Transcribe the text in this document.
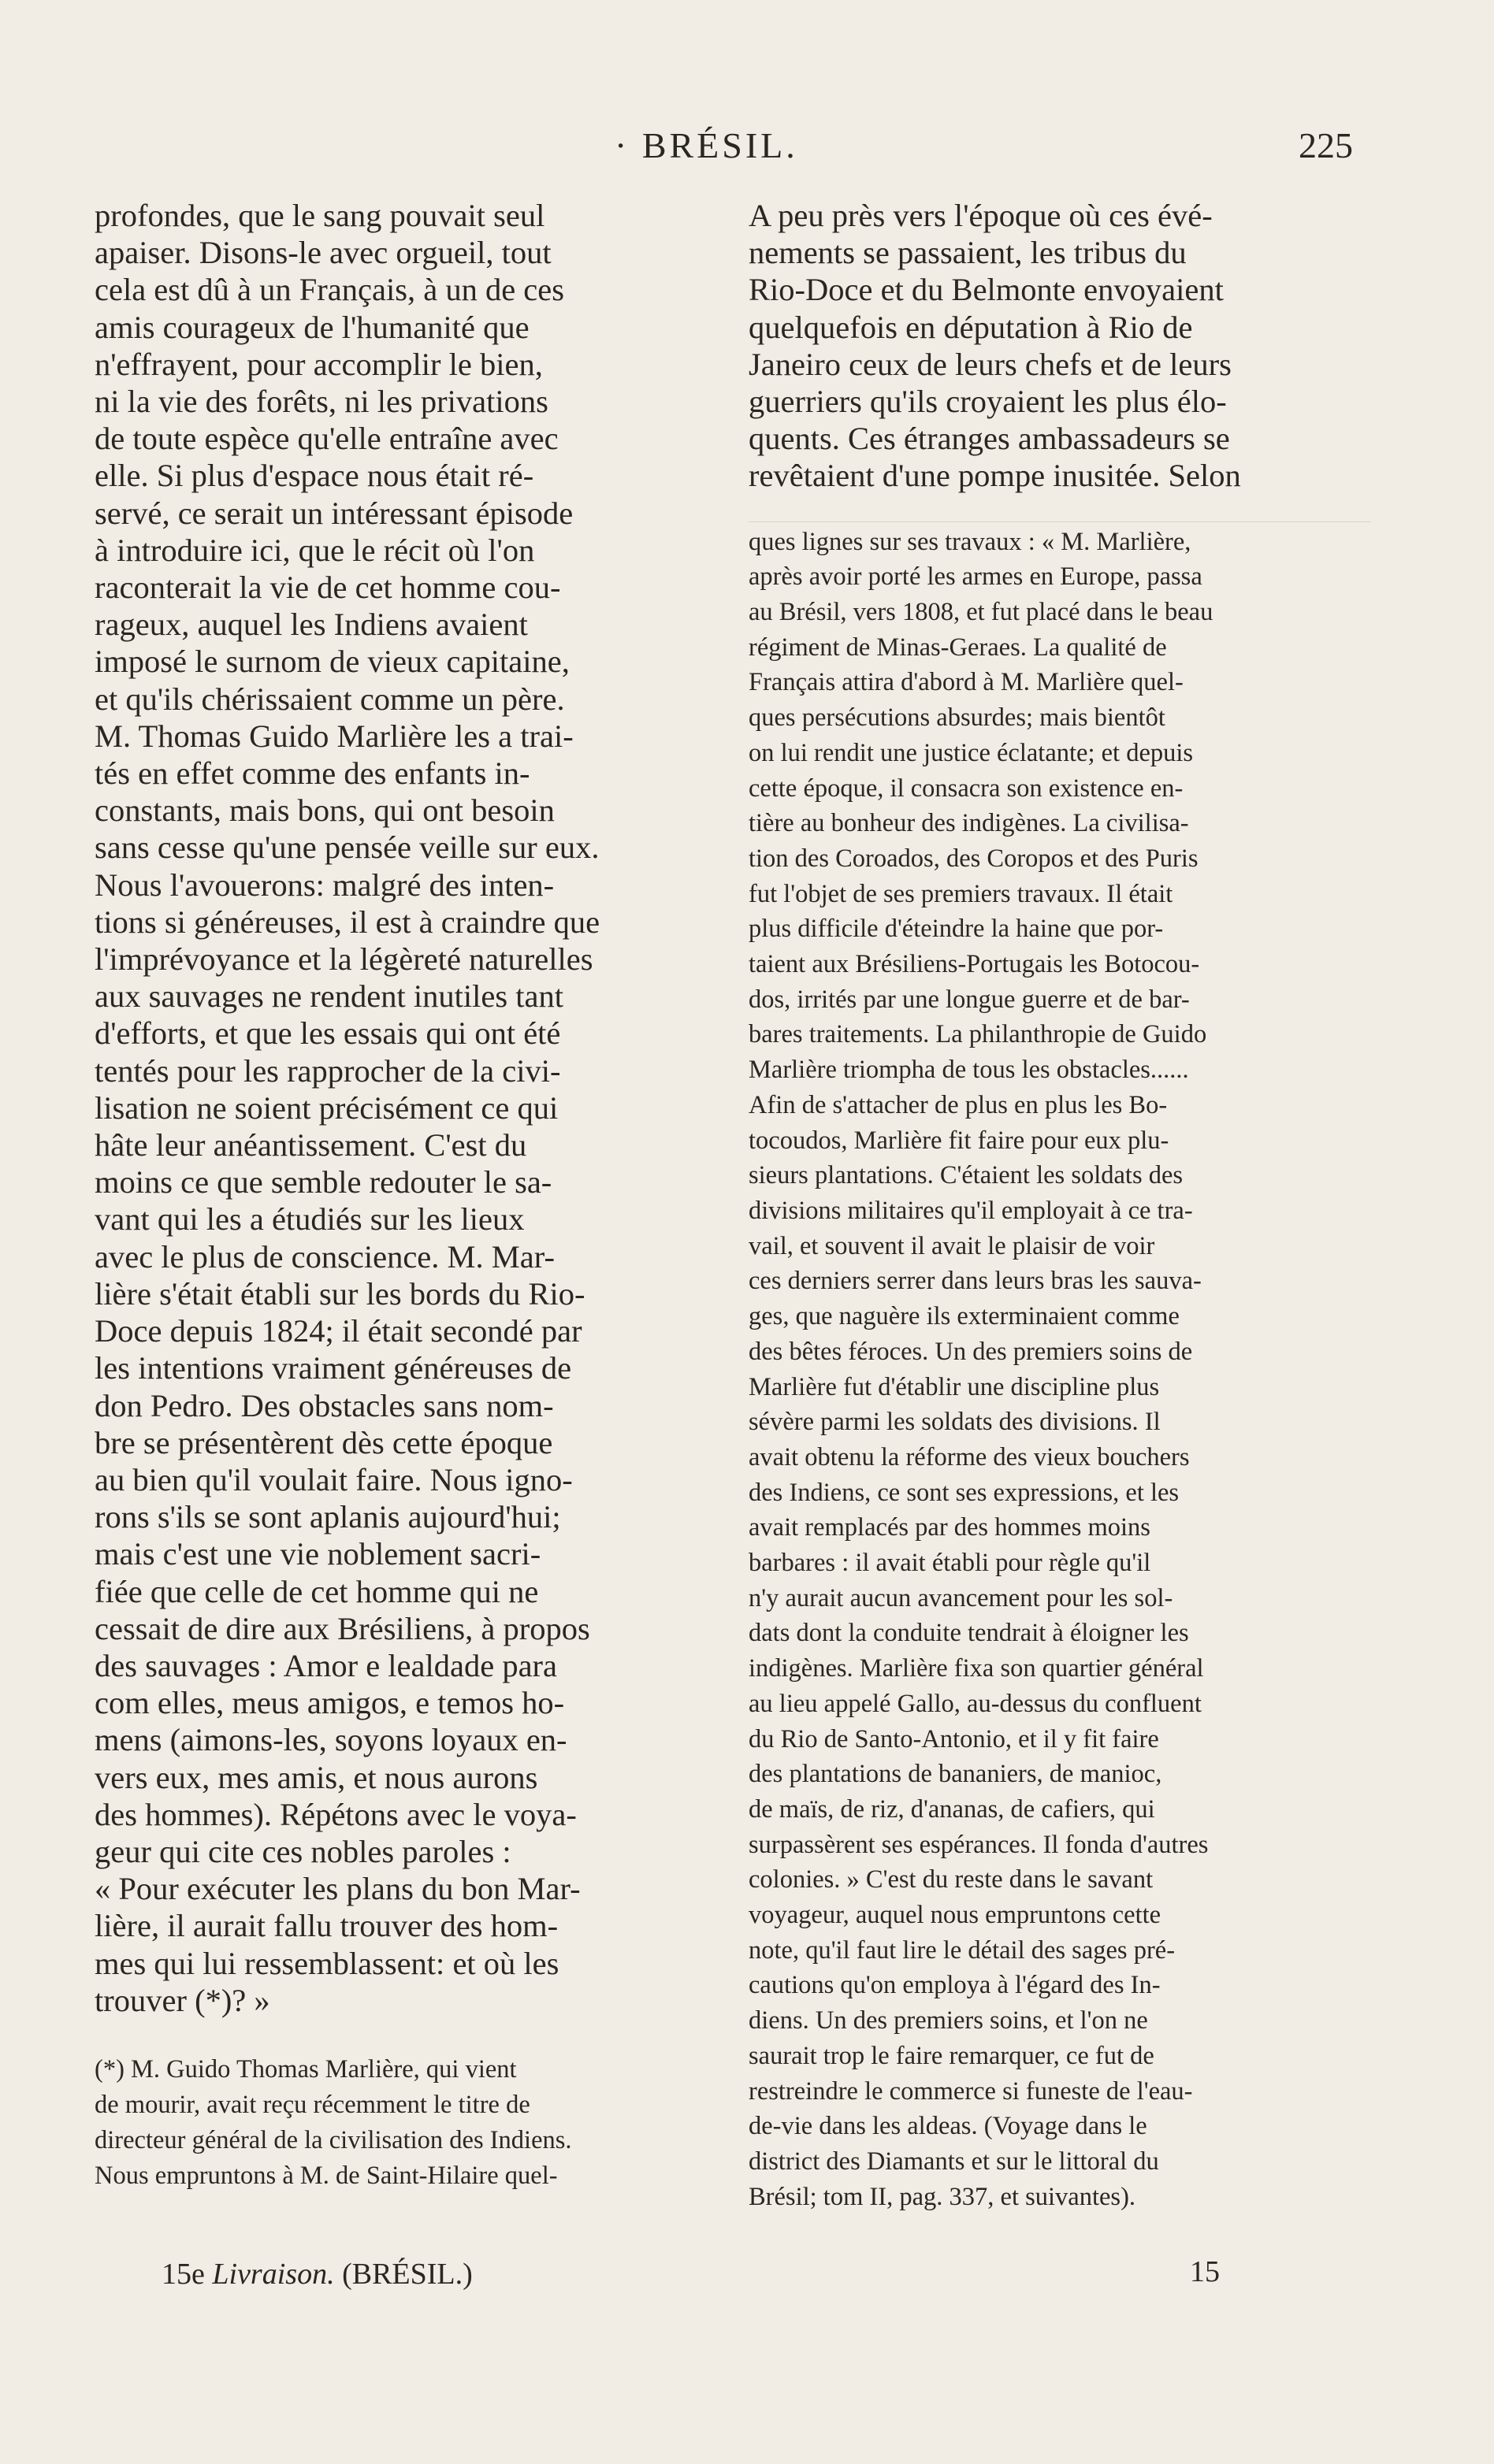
· BRÉSIL.	225

profondes, que le sang pouvait seul
apaiser. Disons-le avec orgueil, tout
cela est dû à un Français, à un de ces
amis courageux de l'humanité que
n'effrayent, pour accomplir le bien,
ni la vie des forêts, ni les privations
de toute espèce qu'elle entraîne avec
elle. Si plus d'espace nous était ré-
servé, ce serait un intéressant épisode
à introduire ici, que le récit où l'on
raconterait la vie de cet homme cou-
rageux, auquel les Indiens avaient
imposé le surnom de vieux capitaine,
et qu'ils chérissaient comme un père.
M. Thomas Guido Marlière les a trai-
tés en effet comme des enfants in-
constants, mais bons, qui ont besoin
sans cesse qu'une pensée veille sur eux.
Nous l'avouerons: malgré des inten-
tions si généreuses, il est à craindre que
l'imprévoyance et la légèreté naturelles
aux sauvages ne rendent inutiles tant
d'efforts, et que les essais qui ont été
tentés pour les rapprocher de la civi-
lisation ne soient précisément ce qui
hâte leur anéantissement. C'est du
moins ce que semble redouter le sa-
vant qui les a étudiés sur les lieux
avec le plus de conscience. M. Mar-
lière s'était établi sur les bords du Rio-
Doce depuis 1824; il était secondé par
les intentions vraiment généreuses de
don Pedro. Des obstacles sans nom-
bre se présentèrent dès cette époque
au bien qu'il voulait faire. Nous igno-
rons s'ils se sont aplanis aujourd'hui;
mais c'est une vie noblement sacri-
fiée que celle de cet homme qui ne
cessait de dire aux Brésiliens, à propos
des sauvages : Amor e lealdade para
com elles, meus amigos, e temos ho-
mens (aimons-les, soyons loyaux en-
vers eux, mes amis, et nous aurons
des hommes). Répétons avec le voya-
geur qui cite ces nobles paroles :
« Pour exécuter les plans du bon Mar-
lière, il aurait fallu trouver des hom-
mes qui lui ressemblassent: et où les
trouver (*)? »

(*) M. Guido Thomas Marlière, qui vient
de mourir, avait reçu récemment le titre de
directeur général de la civilisation des Indiens.
Nous empruntons à M. de Saint-Hilaire quel-

A peu près vers l'époque où ces évé-
nements se passaient, les tribus du
Rio-Doce et du Belmonte envoyaient
quelquefois en députation à Rio de
Janeiro ceux de leurs chefs et de leurs
guerriers qu'ils croyaient les plus élo-
quents. Ces étranges ambassadeurs se
revêtaient d'une pompe inusitée. Selon

ques lignes sur ses travaux : « M. Marlière,
après avoir porté les armes en Europe, passa
au Brésil, vers 1808, et fut placé dans le beau
régiment de Minas-Geraes. La qualité de
Français attira d'abord à M. Marlière quel-
ques persécutions absurdes; mais bientôt
on lui rendit une justice éclatante; et depuis
cette époque, il consacra son existence en-
tière au bonheur des indigènes. La civilisa-
tion des Coroados, des Coropos et des Puris
fut l'objet de ses premiers travaux. Il était
plus difficile d'éteindre la haine que por-
taient aux Brésiliens-Portugais les Botocou-
dos, irrités par une longue guerre et de bar-
bares traitements. La philanthropie de Guido
Marlière triompha de tous les obstacles......
Afin de s'attacher de plus en plus les Bo-
tocoudos, Marlière fit faire pour eux plu-
sieurs plantations. C'étaient les soldats des
divisions militaires qu'il employait à ce tra-
vail, et souvent il avait le plaisir de voir
ces derniers serrer dans leurs bras les sauva-
ges, que naguère ils exterminaient comme
des bêtes féroces. Un des premiers soins de
Marlière fut d'établir une discipline plus
sévère parmi les soldats des divisions. Il
avait obtenu la réforme des vieux bouchers
des Indiens, ce sont ses expressions, et les
avait remplacés par des hommes moins
barbares : il avait établi pour règle qu'il
n'y aurait aucun avancement pour les sol-
dats dont la conduite tendrait à éloigner les
indigènes. Marlière fixa son quartier général
au lieu appelé Gallo, au-dessus du confluent
du Rio de Santo-Antonio, et il y fit faire
des plantations de bananiers, de manioc,
de maïs, de riz, d'ananas, de cafiers, qui
surpassèrent ses espérances. Il fonda d'autres
colonies. » C'est du reste dans le savant
voyageur, auquel nous empruntons cette
note, qu'il faut lire le détail des sages pré-
cautions qu'on employa à l'égard des In-
diens. Un des premiers soins, et l'on ne
saurait trop le faire remarquer, ce fut de
restreindre le commerce si funeste de l'eau-
de-vie dans les aldeas. (Voyage dans le
district des Diamants et sur le littoral du
Brésil; tom II, pag. 337, et suivantes).

15e Livraison. (BRÉSIL.)	15
